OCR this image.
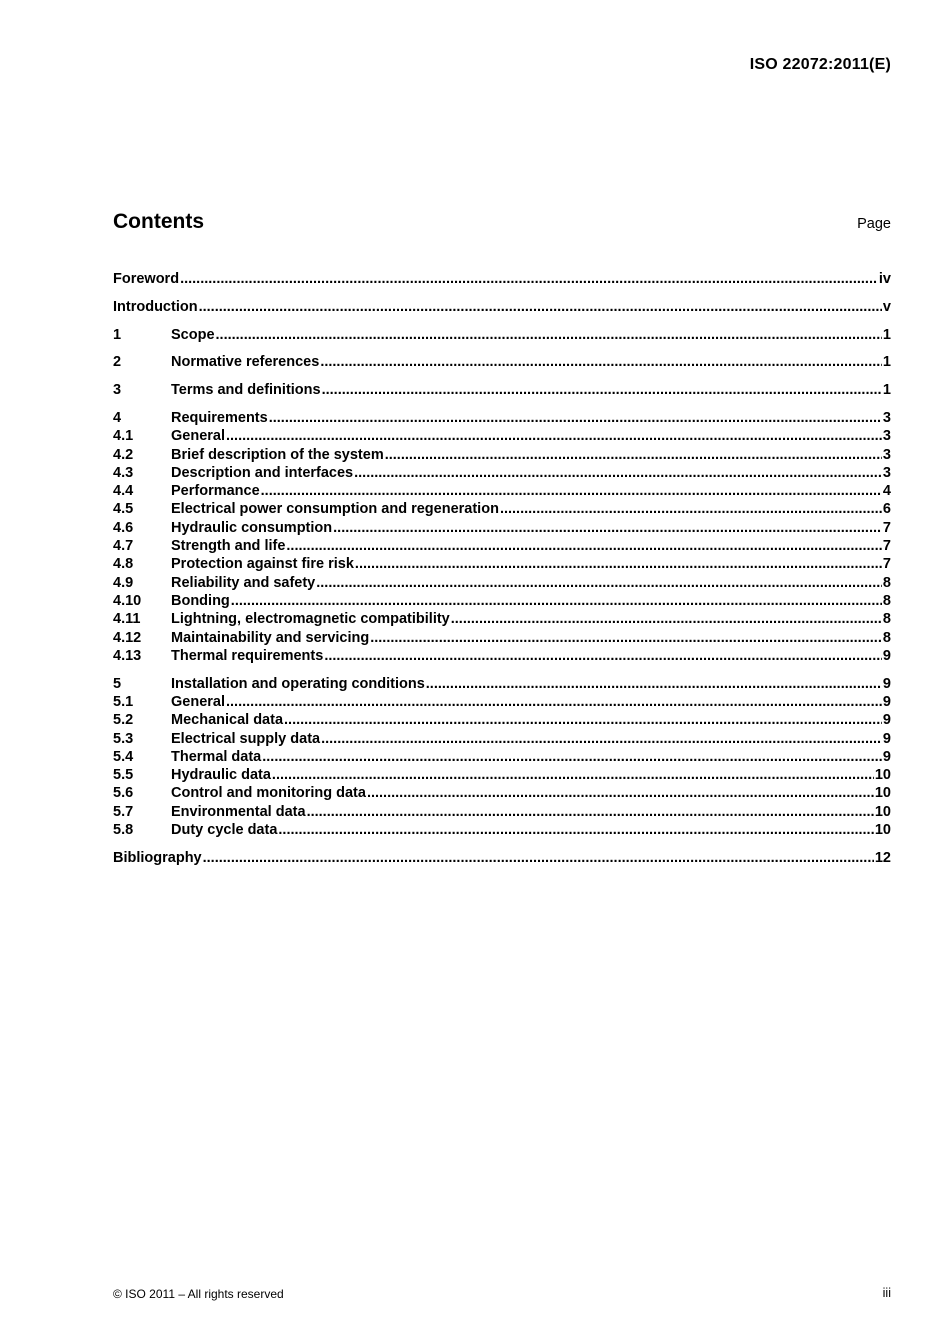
ISO 22072:2011(E)
Contents	Page
Foreword .....	iv
Introduction .....	v
1	Scope .....	1
2	Normative references .....	1
3	Terms and definitions .....	1
4	Requirements .....	3
4.1	General .....	3
4.2	Brief description of the system .....	3
4.3	Description and interfaces .....	3
4.4	Performance .....	4
4.5	Electrical power consumption and regeneration .....	6
4.6	Hydraulic consumption .....	7
4.7	Strength and life .....	7
4.8	Protection against fire risk .....	7
4.9	Reliability and safety .....	8
4.10	Bonding .....	8
4.11	Lightning, electromagnetic compatibility .....	8
4.12	Maintainability and servicing .....	8
4.13	Thermal requirements .....	9
5	Installation and operating conditions .....	9
5.1	General .....	9
5.2	Mechanical data .....	9
5.3	Electrical supply data .....	9
5.4	Thermal data .....	9
5.5	Hydraulic data .....	10
5.6	Control and monitoring data .....	10
5.7	Environmental data .....	10
5.8	Duty cycle data .....	10
Bibliography .....	12
© ISO 2011 – All rights reserved	iii
